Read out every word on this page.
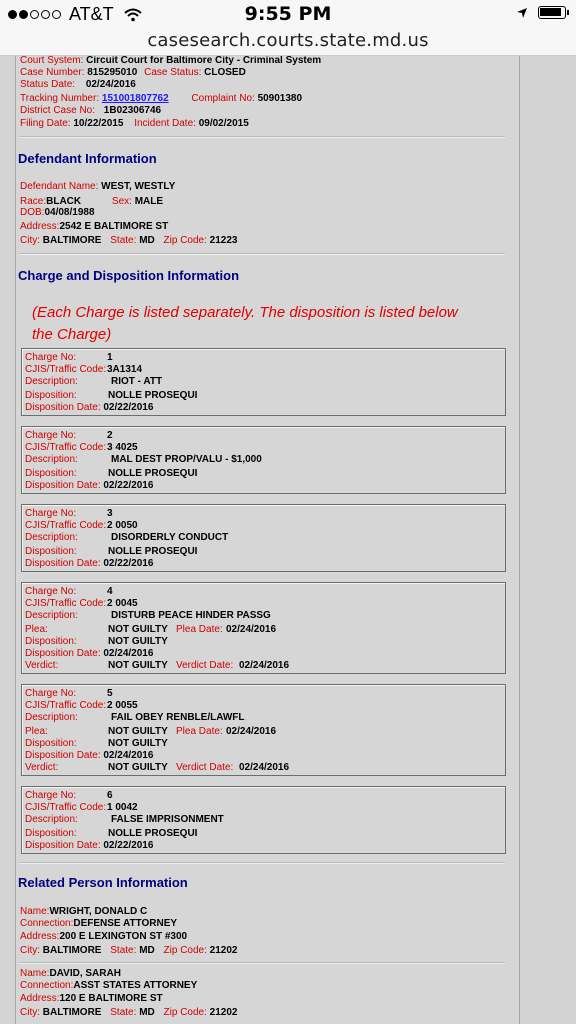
AT&T	9:55 PM
casesearch.courts.state.md.us
Court System: Circuit Court for Baltimore City - Criminal System
Case Number: 815295010 Case Status: CLOSED
Status Date: 02/24/2016
Tracking Number: 151001807762 Complaint No: 50901380
District Case No: 1B02306746
Filing Date: 10/22/2015 Incident Date: 09/02/2015
Defendant Information
Defendant Name: WEST, WESTLY
Race:BLACK	Sex: MALE
DOB:04/08/1988
Address:2542 E BALTIMORE ST
City: BALTIMORE State: MD Zip Code: 21223
Charge and Disposition Information
(Each Charge is listed separately. The disposition is listed below
the Charge)
Charge No:	1
CJIS/Traffic Code: 3A1314
Description:	RIOT - ATT
Disposition:	NOLLE PROSEQUI
Disposition Date: 02/22/2016
Charge No:	2
CJIS/Traffic Code: 3 4025
Description:	MAL DEST PROP/VALU - $1,000
Disposition:	NOLLE PROSEQUI
Disposition Date: 02/22/2016
Charge No:	3
CJIS/Traffic Code: 2 0050
Description:	DISORDERLY CONDUCT
Disposition:	NOLLE PROSEQUI
Disposition Date: 02/22/2016
Charge No:	4
CJIS/Traffic Code: 2 0045
Description:	DISTURB PEACE HINDER PASSG
Plea:	NOT GUILTY Plea Date: 02/24/2016
Disposition:	NOT GUILTY
Disposition Date: 02/24/2016
Verdict:	NOT GUILTY Verdict Date: 02/24/2016
Charge No:	5
CJIS/Traffic Code: 2 0055
Description:	FAIL OBEY RENBLE/LAWFL
Plea:	NOT GUILTY Plea Date: 02/24/2016
Disposition:	NOT GUILTY
Disposition Date: 02/24/2016
Verdict:	NOT GUILTY Verdict Date: 02/24/2016
Charge No:	6
CJIS/Traffic Code: 1 0042
Description:	FALSE IMPRISONMENT
Disposition:	NOLLE PROSEQUI
Disposition Date: 02/22/2016
Related Person Information
Name:WRIGHT, DONALD C
Connection:DEFENSE ATTORNEY
Address:200 E LEXINGTON ST #300
City: BALTIMORE State: MD Zip Code: 21202
Name:DAVID, SARAH
Connection:ASST STATES ATTORNEY
Address:120 E BALTIMORE ST
City: BALTIMORE State: MD Zip Code: 21202
